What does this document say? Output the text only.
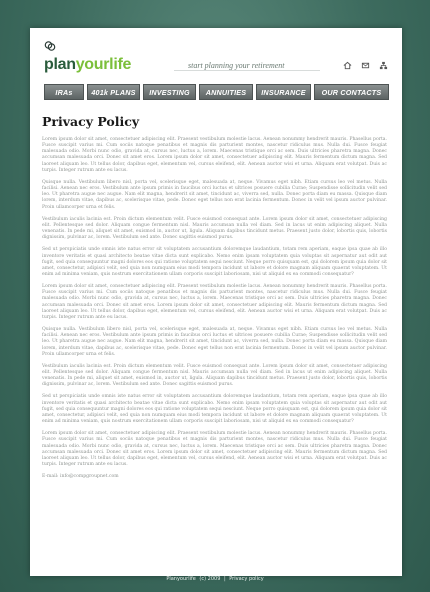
planyourlife	start planning your retirement
IRAs	401k PLANS	INVESTING	ANNUITIES	INSURANCE	OUR CONTACTS
Privacy Policy

Lorem ipsum dolor sit amet, consectetuer adipiscing elit. Praesent vestibulum molestie lacus. Aenean nonummy hendrerit mauris. Phasellus porta. Fusce suscipit varius mi. Cum sociis natoque penatibus et magnis dis parturient montes, nascetur ridiculus mus. Nulla dui. Fusce feugiat malesuada odio. Morbi nunc odio, gravida at, cursus nec, luctus a, lorem. Maecenas tristique orci ac sem. Duis ultricies pharetra magna. Donec accumsan malesuada orci. Donec sit amet eros. Lorem ipsum dolor sit amet, consectetuer adipiscing elit. Mauris fermentum dictum magna. Sed laoreet aliquam leo. Ut tellus dolor, dapibus eget, elementum vel, cursus eleifend, elit. Aenean auctor wisi et urna. Aliquam erat volutpat. Duis ac turpis. Integer rutrum ante eu lacus.

Quisque nulla. Vestibulum libero nisl, porta vel, scelerisque eget, malesuada at, neque. Vivamus eget nibh. Etiam cursus leo vel metus. Nulla facilisi. Aenean nec eros. Vestibulum ante ipsum primis in faucibus orci luctus et ultrices posuere cubilia Curae; Suspendisse sollicitudin velit sed leo. Ut pharetra augue nec augue. Nam elit magna, hendrerit sit amet, tincidunt ac, viverra sed, nulla. Donec porta diam eu massa. Quisque diam lorem, interdum vitae, dapibus ac, scelerisque vitae, pede. Donec eget tellus non erat lacinia fermentum. Donec in velit vel ipsum auctor pulvinar. Proin ullamcorper urna et felis.

Vestibulum iaculis lacinia est. Proin dictum elementum velit. Fusce euismod consequat ante. Lorem ipsum dolor sit amet, consectetuer adipiscing elit. Pellentesque sed dolor. Aliquam congue fermentum nisl. Mauris accumsan nulla vel diam. Sed in lacus ut enim adipiscing aliquet. Nulla venenatis. In pede mi, aliquet sit amet, euismod in, auctor ut, ligula. Aliquam dapibus tincidunt metus. Praesent justo dolor, lobortis quis, lobortis dignissim, pulvinar ac, lorem. Vestibulum sed ante. Donec sagittis euismod purus.

Sed ut perspiciatis unde omnis iste natus error sit voluptatem accusantium doloremque laudantium, totam rem aperiam, eaque ipsa quae ab illo inventore veritatis et quasi architecto beatae vitae dicta sunt explicabo. Nemo enim ipsam voluptatem quia voluptas sit aspernatur aut odit aut fugit, sed quia consequuntur magni dolores eos qui ratione voluptatem sequi nesciunt. Neque porro quisquam est, qui dolorem ipsum quia dolor sit amet, consectetur, adipisci velit, sed quia non numquam eius modi tempora incidunt ut labore et dolore magnam aliquam quaerat voluptatem. Ut enim ad minima veniam, quis nostrum exercitationem ullam corporis suscipit laboriosam, nisi ut aliquid ex ea commodi consequatur?

Lorem ipsum dolor sit amet, consectetuer adipiscing elit. Praesent vestibulum molestie lacus. Aenean nonummy hendrerit mauris. Phasellus porta. Fusce suscipit varius mi. Cum sociis natoque penatibus et magnis dis parturient montes, nascetur ridiculus mus. Nulla dui. Fusce feugiat malesuada odio. Morbi nunc odio, gravida at, cursus nec, luctus a, lorem. Maecenas tristique orci ac sem. Duis ultricies pharetra magna. Donec accumsan malesuada orci. Donec sit amet eros. Lorem ipsum dolor sit amet, consectetuer adipiscing elit. Mauris fermentum dictum magna. Sed laoreet aliquam leo. Ut tellus dolor, dapibus eget, elementum vel, cursus eleifend, elit. Aenean auctor wisi et urna. Aliquam erat volutpat. Duis ac turpis. Integer rutrum ante eu lacus.

Quisque nulla. Vestibulum libero nisl, porta vel, scelerisque eget, malesuada at, neque. Vivamus eget nibh. Etiam cursus leo vel metus. Nulla facilisi. Aenean nec eros. Vestibulum ante ipsum primis in faucibus orci luctus et ultrices posuere cubilia Curae; Suspendisse sollicitudin velit sed leo. Ut pharetra augue nec augue. Nam elit magna, hendrerit sit amet, tincidunt ac, viverra sed, nulla. Donec porta diam eu massa. Quisque diam lorem, interdum vitae, dapibus ac, scelerisque vitae, pede. Donec eget tellus non erat lacinia fermentum. Donec in velit vel ipsum auctor pulvinar. Proin ullamcorper urna et felis.

Vestibulum iaculis lacinia est. Proin dictum elementum velit. Fusce euismod consequat ante. Lorem ipsum dolor sit amet, consectetuer adipiscing elit. Pellentesque sed dolor. Aliquam congue fermentum nisl. Mauris accumsan nulla vel diam. Sed in lacus ut enim adipiscing aliquet. Nulla venenatis. In pede mi, aliquet sit amet, euismod in, auctor ut, ligula. Aliquam dapibus tincidunt metus. Praesent justo dolor, lobortis quis, lobortis dignissim, pulvinar ac, lorem. Vestibulum sed ante. Donec sagittis euismod purus.

Sed ut perspiciatis unde omnis iste natus error sit voluptatem accusantium doloremque laudantium, totam rem aperiam, eaque ipsa quae ab illo inventore veritatis et quasi architecto beatae vitae dicta sunt explicabo. Nemo enim ipsam voluptatem quia voluptas sit aspernatur aut odit aut fugit, sed quia consequuntur magni dolores eos qui ratione voluptatem sequi nesciunt. Neque porro quisquam est, qui dolorem ipsum quia dolor sit amet, consectetur, adipisci velit, sed quia non numquam eius modi tempora incidunt ut labore et dolore magnam aliquam quaerat voluptatem. Ut enim ad minima veniam, quis nostrum exercitationem ullam corporis suscipit laboriosam, nisi ut aliquid ex ea commodi consequatur?

Lorem ipsum dolor sit amet, consectetuer adipiscing elit. Praesent vestibulum molestie lacus. Aenean nonummy hendrerit mauris. Phasellus porta. Fusce suscipit varius mi. Cum sociis natoque penatibus et magnis dis parturient montes, nascetur ridiculus mus. Nulla dui. Fusce feugiat malesuada odio. Morbi nunc odio, gravida at, cursus nec, luctus a, lorem. Maecenas tristique orci ac sem. Duis ultricies pharetra magna. Donec accumsan malesuada orci. Donec sit amet eros. Lorem ipsum dolor sit amet, consectetuer adipiscing elit. Mauris fermentum dictum magna. Sed laoreet aliquam leo. Ut tellus dolor, dapibus eget, elementum vel, cursus eleifend, elit. Aenean auctor wisi et urna. Aliquam erat volutpat. Duis ac turpis. Integer rutrum ante eu lacus.

E-mail: info@compgroupnet.com
Planyourlife (c) 2009 | Privacy policy
